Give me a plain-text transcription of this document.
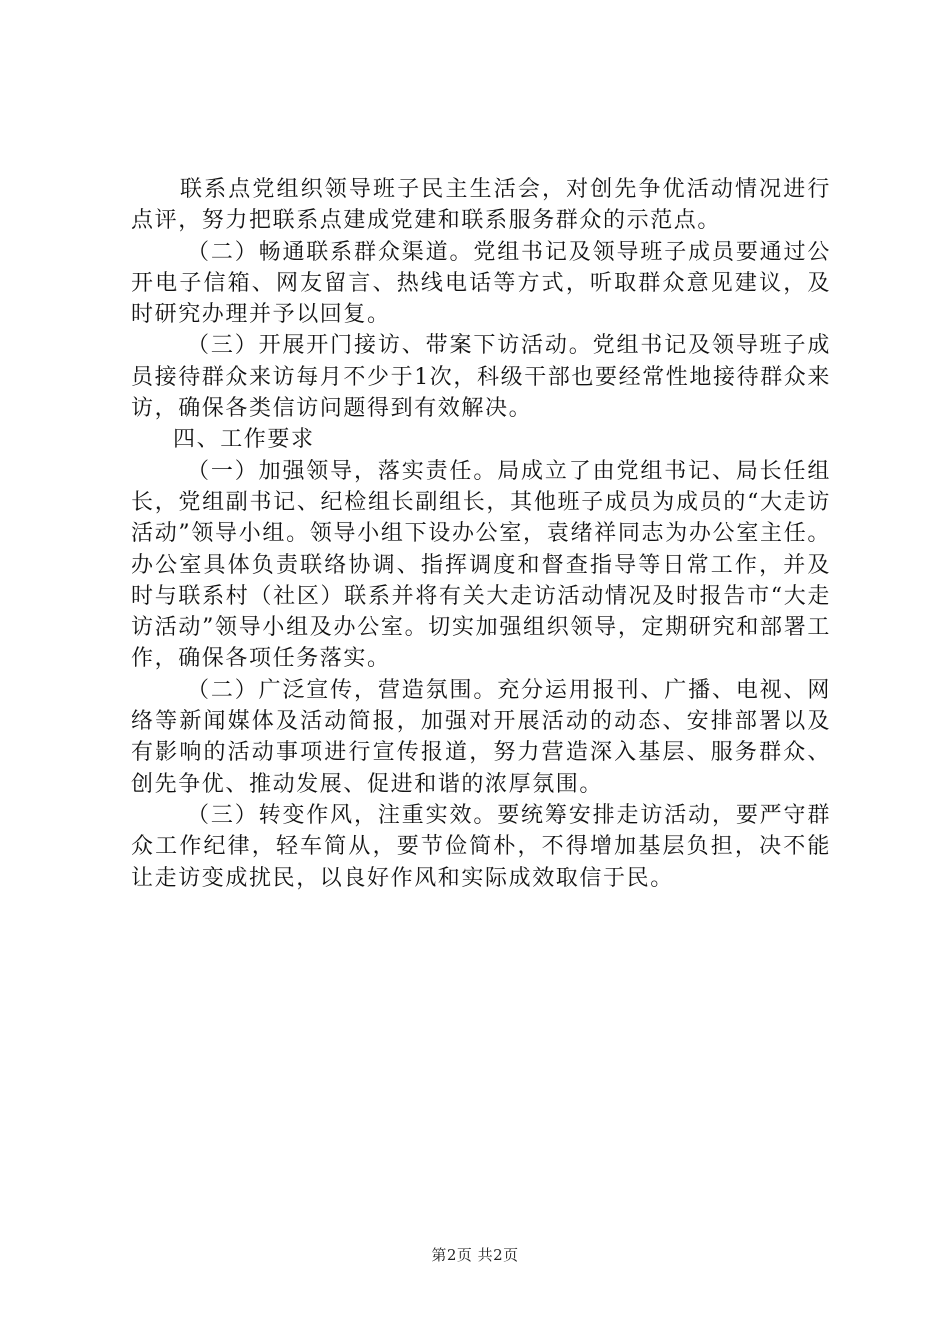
联系点党组织领导班子民主生活会，对创先争优活动情况进行点评，努力把联系点建成党建和联系服务群众的示范点。

（二）畅通联系群众渠道。党组书记及领导班子成员要通过公开电子信箱、网友留言、热线电话等方式，听取群众意见建议，及时研究办理并予以回复。

（三）开展开门接访、带案下访活动。党组书记及领导班子成员接待群众来访每月不少于1次，科级干部也要经常性地接待群众来访，确保各类信访问题得到有效解决。

四、工作要求

（一）加强领导，落实责任。局成立了由党组书记、局长任组长，党组副书记、纪检组长副组长，其他班子成员为成员的“大走访活动”领导小组。领导小组下设办公室，袁绪祥同志为办公室主任。办公室具体负责联络协调、指挥调度和督查指导等日常工作，并及时与联系村（社区）联系并将有关大走访活动情况及时报告市“大走访活动”领导小组及办公室。切实加强组织领导，定期研究和部署工作，确保各项任务落实。

（二）广泛宣传，营造氛围。充分运用报刊、广播、电视、网络等新闻媒体及活动简报，加强对开展活动的动态、安排部署以及有影响的活动事项进行宣传报道，努力营造深入基层、服务群众、创先争优、推动发展、促进和谐的浓厚氛围。

（三）转变作风，注重实效。要统筹安排走访活动，要严守群众工作纪律，轻车简从，要节俭简朴，不得增加基层负担，决不能让走访变成扰民，以良好作风和实际成效取信于民。

第2页 共2页
